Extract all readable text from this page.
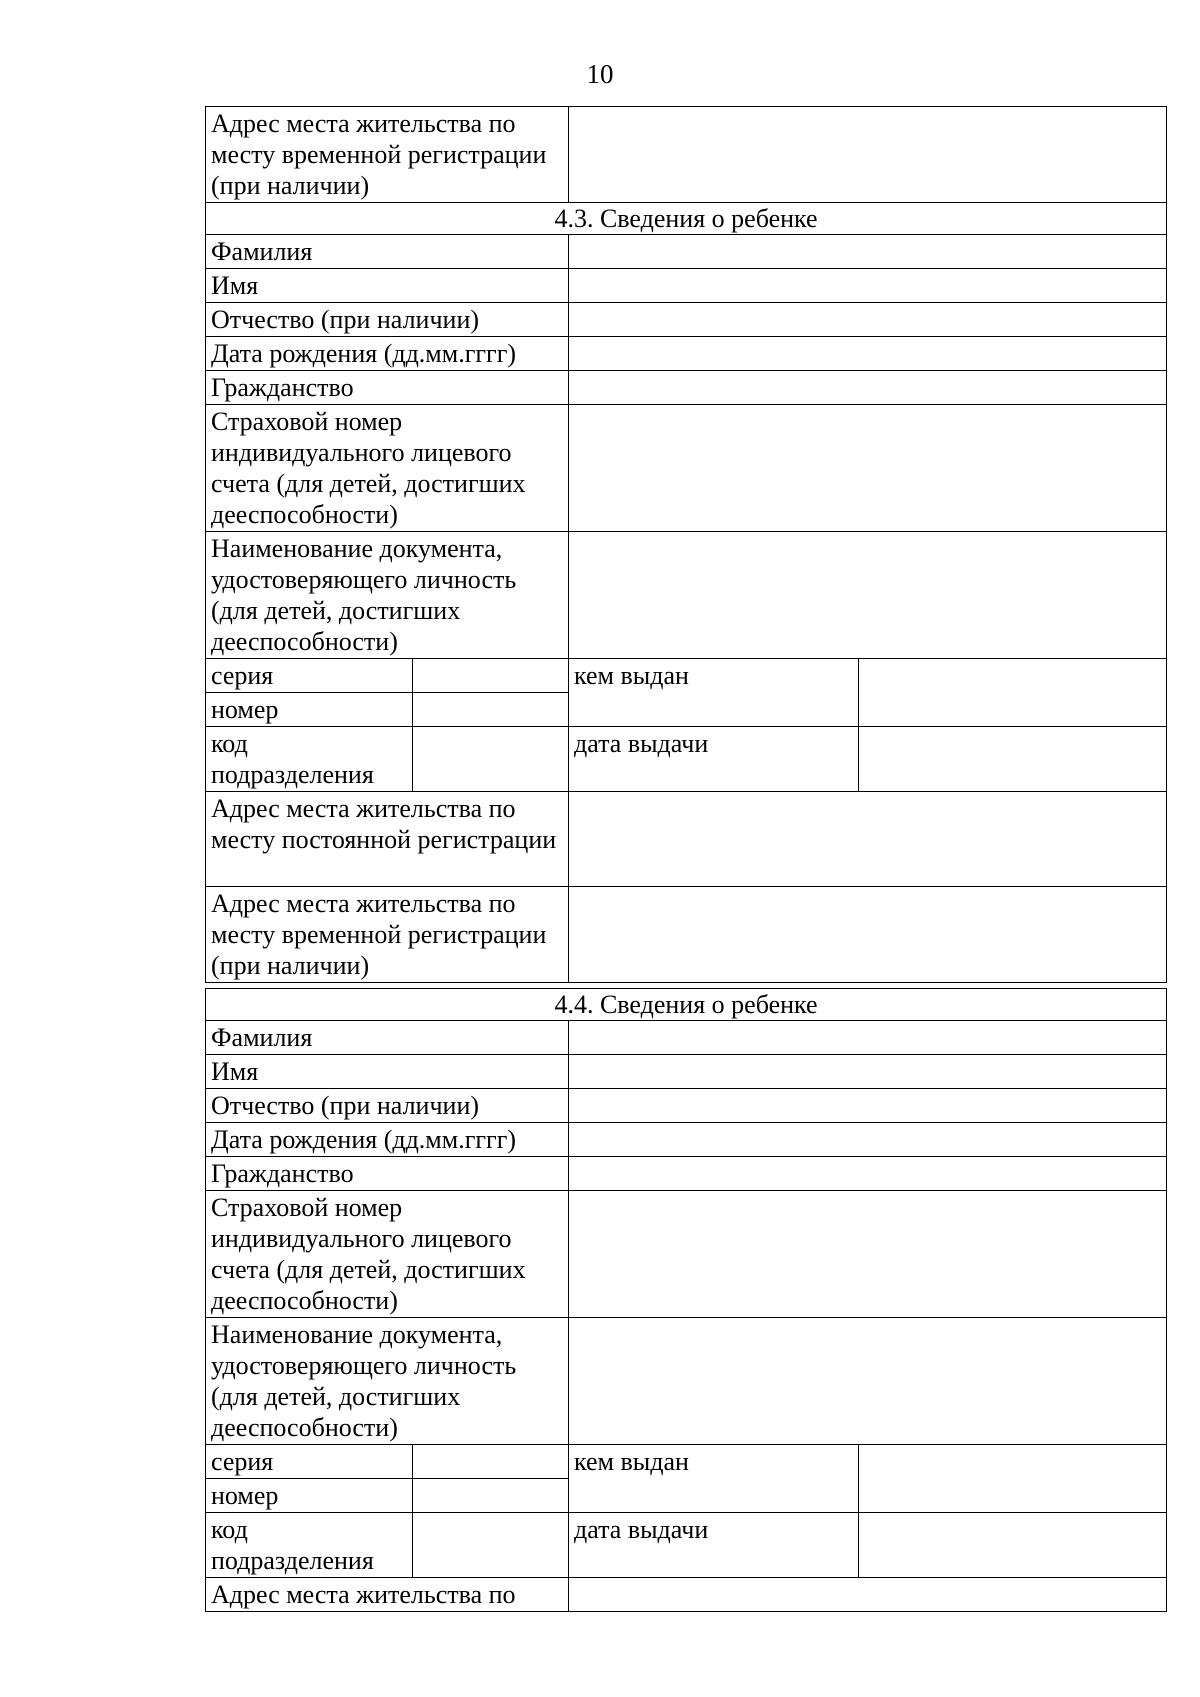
10
Адрес места жительства по месту временной регистрации (при наличии)			
4.3. Сведения о ребенке			
Фамилия			
Имя			
Отчество (при наличии)			
Дата рождения (дд.мм.гггг)			
Гражданство			
Страховой номер индивидуального лицевого счета (для детей, достигших дееспособности)			
Наименование документа, удостоверяющего личность (для детей, достигших дееспособности)			
серия		кем выдан	
номер			
код подразделения		дата выдачи	
Адрес места жительства по месту постоянной регистрации			
Адрес места жительства по месту временной регистрации (при наличии)			
4.4. Сведения о ребенке			
Фамилия			
Имя			
Отчество (при наличии)			
Дата рождения (дд.мм.гггг)			
Гражданство			
Страховой номер индивидуального лицевого счета (для детей, достигших дееспособности)			
Наименование документа, удостоверяющего личность (для детей, достигших дееспособности)			
серия		кем выдан	
номер			
код подразделения		дата выдачи	
Адрес места жительства по			
